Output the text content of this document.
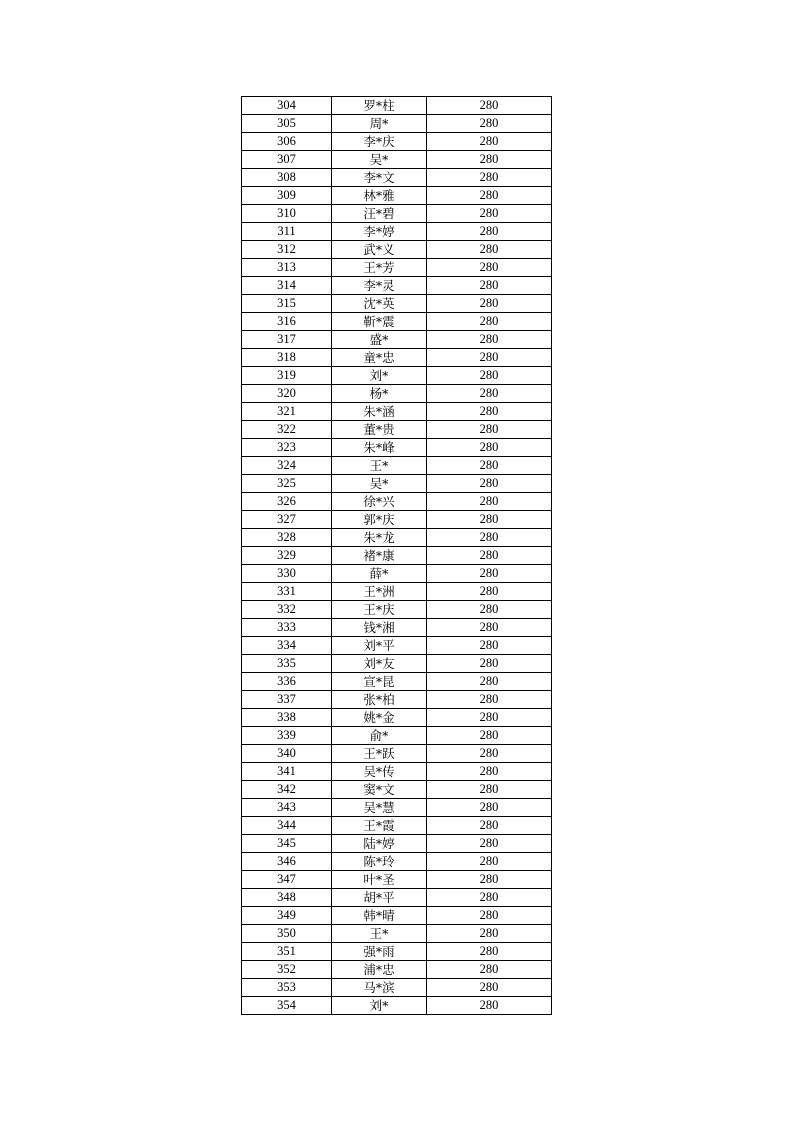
304	罗*柱	280
305	周*	280
306	李*庆	280
307	吴*	280
308	李*文	280
309	林*雅	280
310	汪*碧	280
311	李*婷	280
312	武*义	280
313	王*芳	280
314	李*灵	280
315	沈*英	280
316	靳*震	280
317	盛*	280
318	童*忠	280
319	刘*	280
320	杨*	280
321	朱*涵	280
322	董*贵	280
323	朱*峰	280
324	王*	280
325	吴*	280
326	徐*兴	280
327	郭*庆	280
328	朱*龙	280
329	褚*康	280
330	薛*	280
331	王*洲	280
332	王*庆	280
333	钱*湘	280
334	刘*平	280
335	刘*友	280
336	宣*昆	280
337	张*柏	280
338	姚*金	280
339	俞*	280
340	王*跃	280
341	吴*传	280
342	窦*文	280
343	吴*慧	280
344	王*霞	280
345	陆*婷	280
346	陈*玲	280
347	叶*圣	280
348	胡*平	280
349	韩*晴	280
350	王*	280
351	强*雨	280
352	浦*忠	280
353	马*滨	280
354	刘*	280
